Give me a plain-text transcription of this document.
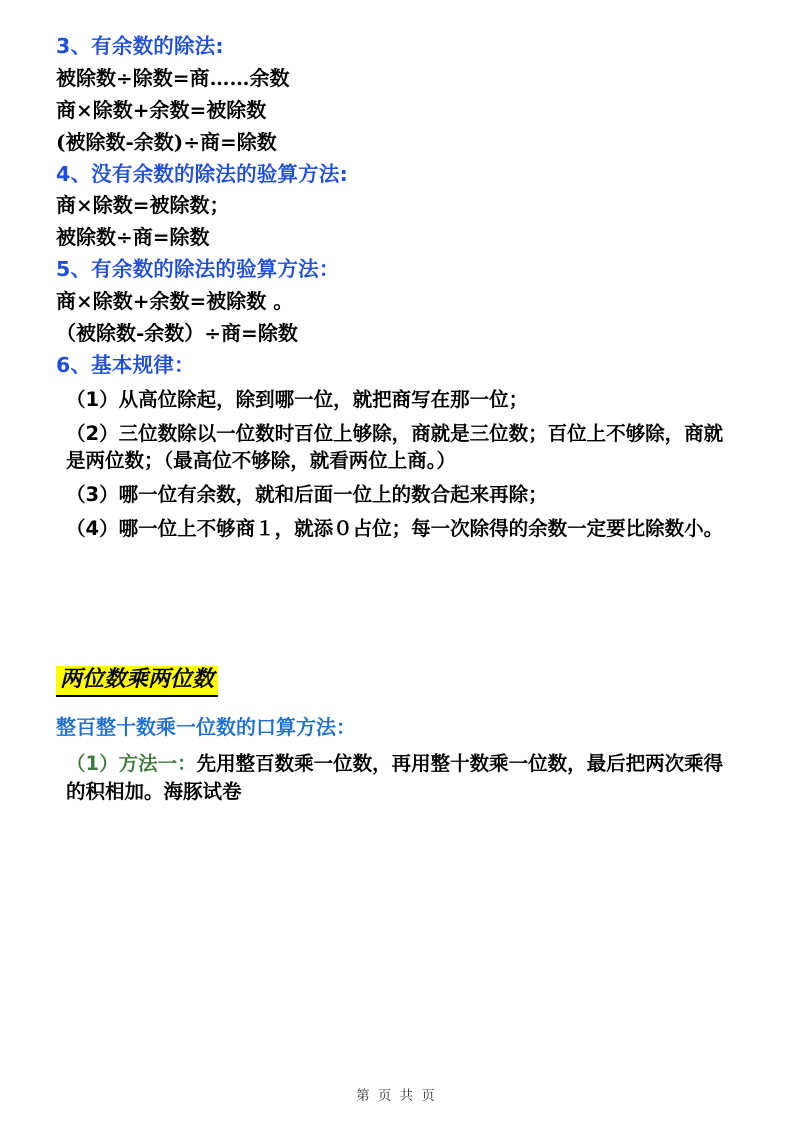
3、有余数的除法:
被除数÷除数=商……余数
商×除数+余数=被除数
(被除数-余数)÷商=除数
4、没有余数的除法的验算方法:
商×除数=被除数；
被除数÷商=除数
5、有余数的除法的验算方法：
商×除数+余数=被除数 。
（被除数-余数）÷商=除数
6、基本规律：
（1）从高位除起，除到哪一位，就把商写在那一位；
（2）三位数除以一位数时百位上够除，商就是三位数；百位上不够除，商就是两位数；（最高位不够除，就看两位上商。）
（3）哪一位有余数，就和后面一位上的数合起来再除；
（4）哪一位上不够商１，就添０占位；每一次除得的余数一定要比除数小。
两位数乘两位数
整百整十数乘一位数的口算方法：
（1）方法一：先用整百数乘一位数，再用整十数乘一位数，最后把两次乘得的积相加。海豚试卷
第 页 共 页
